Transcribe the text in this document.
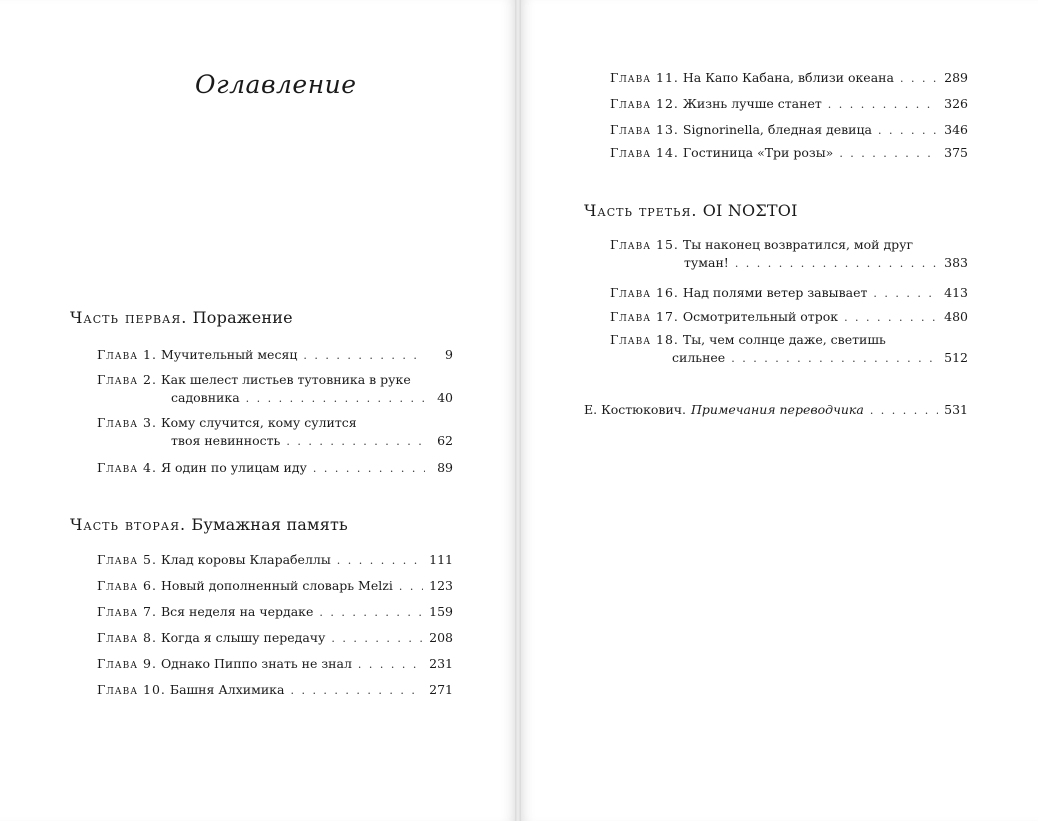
Оглавление
Часть первая. Поражение
Глава 1. Мучительный месяц . . .	9
Глава 2. Как шелест листьев тутовника в руке
садовника . . .	40
Глава 3. Кому случится, кому сулится
твоя невинность . . .	62
Глава 4. Я один по улицам иду . . .	89
Часть вторая. Бумажная память
Глава 5. Клад коровы Кларабеллы . . .	111
Глава 6. Новый дополненный словарь Melzi . . .	123
Глава 7. Вся неделя на чердаке . . .	159
Глава 8. Когда я слышу передачу . . .	208
Глава 9. Однако Пиппо знать не знал . . .	231
Глава 10. Башня Алхимика . . .	271
Глава 11. На Капо Кабана, вблизи океана . . .	289
Глава 12. Жизнь лучше станет . . .	326
Глава 13. Signorinella, бледная девица . . .	346
Глава 14. Гостиница «Три розы» . . .	375
Часть третья. ΟΙ ΝΟΣΤΟΙ
Глава 15. Ты наконец возвратился, мой друг
туман! . . .	383
Глава 16. Над полями ветер завывает . . .	413
Глава 17. Осмотрительный отрок . . .	480
Глава 18. Ты, чем солнце даже, светишь
сильнее . . .	512
Е. Костюкович. Примечания переводчика . . .	531
